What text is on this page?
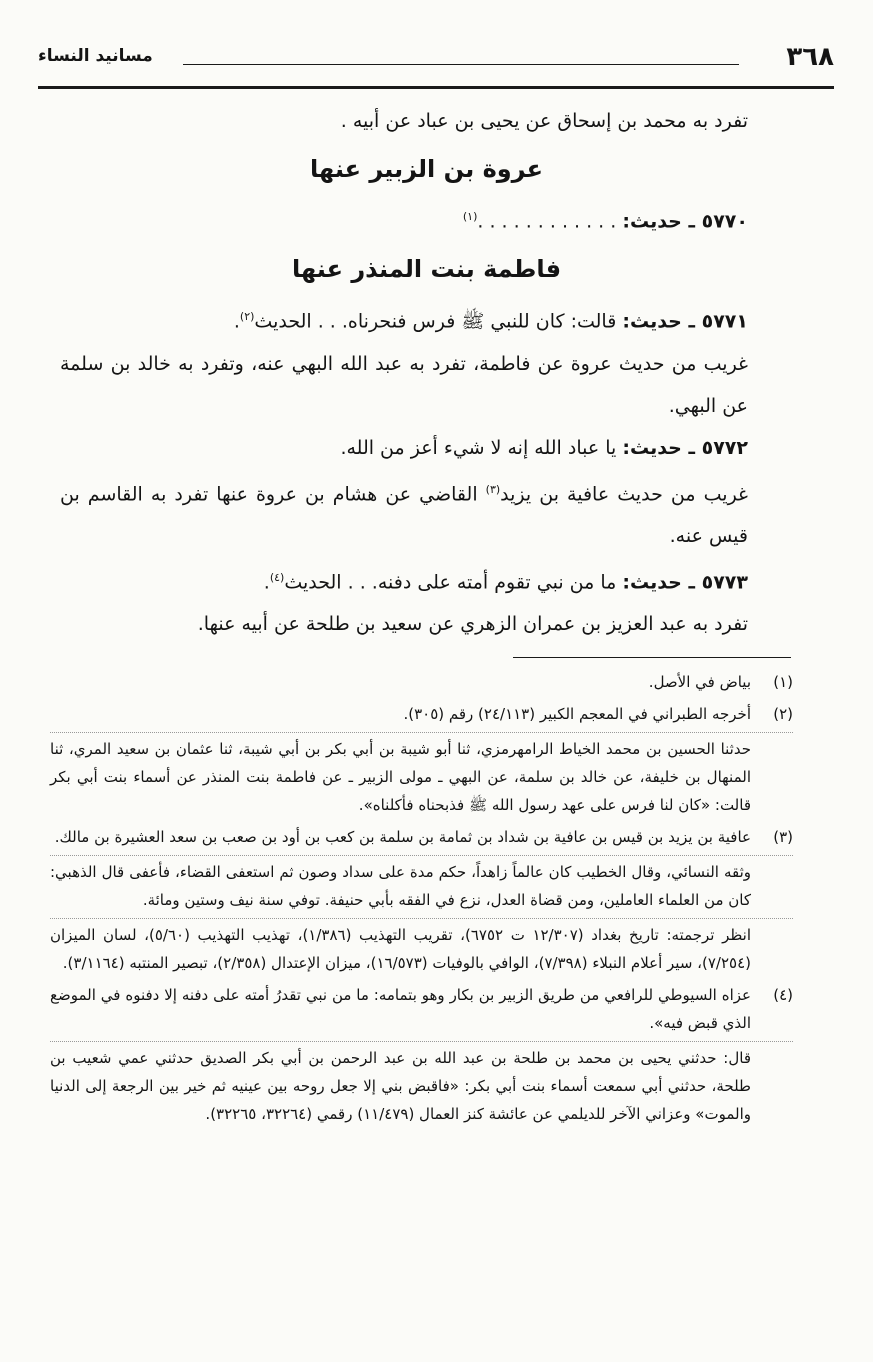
٣٦٨
مسانيد النساء

تفرد به محمد بن إسحاق عن يحيى بن عباد عن أبيه .

عروة بن الزبير عنها

٥٧٧٠ ـ حديث: . . . . . . . . . . . .$^{(١)}$

فاطمة بنت المنذر عنها

٥٧٧١ ـ حديث: قالت: كان للنبي ﷺ فرس فنحرناه. . . الحديث$^{(٢)}$.

غريب من حديث عروة عن فاطمة، تفرد به عبد الله البهي عنه، وتفرد به خالد بن سلمة عن البهي.

٥٧٧٢ ـ حديث: يا عباد الله إنه لا شيء أعز من الله.

غريب من حديث عافية بن يزيد$^{(٣)}$ القاضي عن هشام بن عروة عنها تفرد به القاسم بن قيس عنه.

٥٧٧٣ ـ حديث: ما من نبي تقوم أمته على دفنه. . . الحديث$^{(٤)}$.

تفرد به عبد العزيز بن عمران الزهري عن سعيد بن طلحة عن أبيه عنها.

(١)
بياض في الأصل.
(٢)
أخرجه الطبراني في المعجم الكبير (٢٤/١١٣) رقم (٣٠٥).
حدثنا الحسين بن محمد الخياط الرامهرمزي، ثنا أبو شيبة بن أبي بكر بن أبي شيبة، ثنا عثمان بن سعيد المري، ثنا المنهال بن خليفة، عن خالد بن سلمة، عن البهي ـ مولى الزبير ـ عن فاطمة بنت المنذر عن أسماء بنت أبي بكر قالت: «كان لنا فرس على عهد رسول الله ﷺ فذبحناه فأكلناه».
(٣)
عافية بن يزيد بن قيس بن عافية بن شداد بن ثمامة بن سلمة بن كعب بن أود بن صعب بن سعد العشيرة بن مالك.
وثقه النسائي، وقال الخطيب كان عالماً زاهداً، حكم مدة على سداد وصون ثم استعفى القضاء، فأعفى قال الذهبي: كان من العلماء العاملين، ومن قضاة العدل، نزع في الفقه بأبي حنيفة. توفي سنة نيف وستين ومائة.
انظر ترجمته: تاريخ بغداد (١٢/٣٠٧ ت ٦٧٥٢)، تقريب التهذيب (١/٣٨٦)، تهذيب التهذيب (٥/٦٠)، لسان الميزان (٧/٢٥٤)، سير أعلام النبلاء (٧/٣٩٨)، الوافي بالوفيات (١٦/٥٧٣)، ميزان الإعتدال (٢/٣٥٨)، تبصير المنتبه (٣/١١٦٤).
(٤)
عزاه السيوطي للرافعي من طريق الزبير بن بكار وهو بتمامه: ما من نبي تقدرُ أمته على دفنه إلا دفنوه في الموضع الذي قبض فيه».
قال: حدثني يحيى بن محمد بن طلحة بن عبد الله بن عبد الرحمن بن أبي بكر الصديق حدثني عمي شعيب بن طلحة، حدثني أبي سمعت أسماء بنت أبي بكر: «فاقبض بني إلا جعل روحه بين عينيه ثم خير بين الرجعة إلى الدنيا والموت» وعزاني الآخر للديلمي عن عائشة كنز العمال (١١/٤٧٩) رقمي (٣٢٢٦٤، ٣٢٢٦٥).
